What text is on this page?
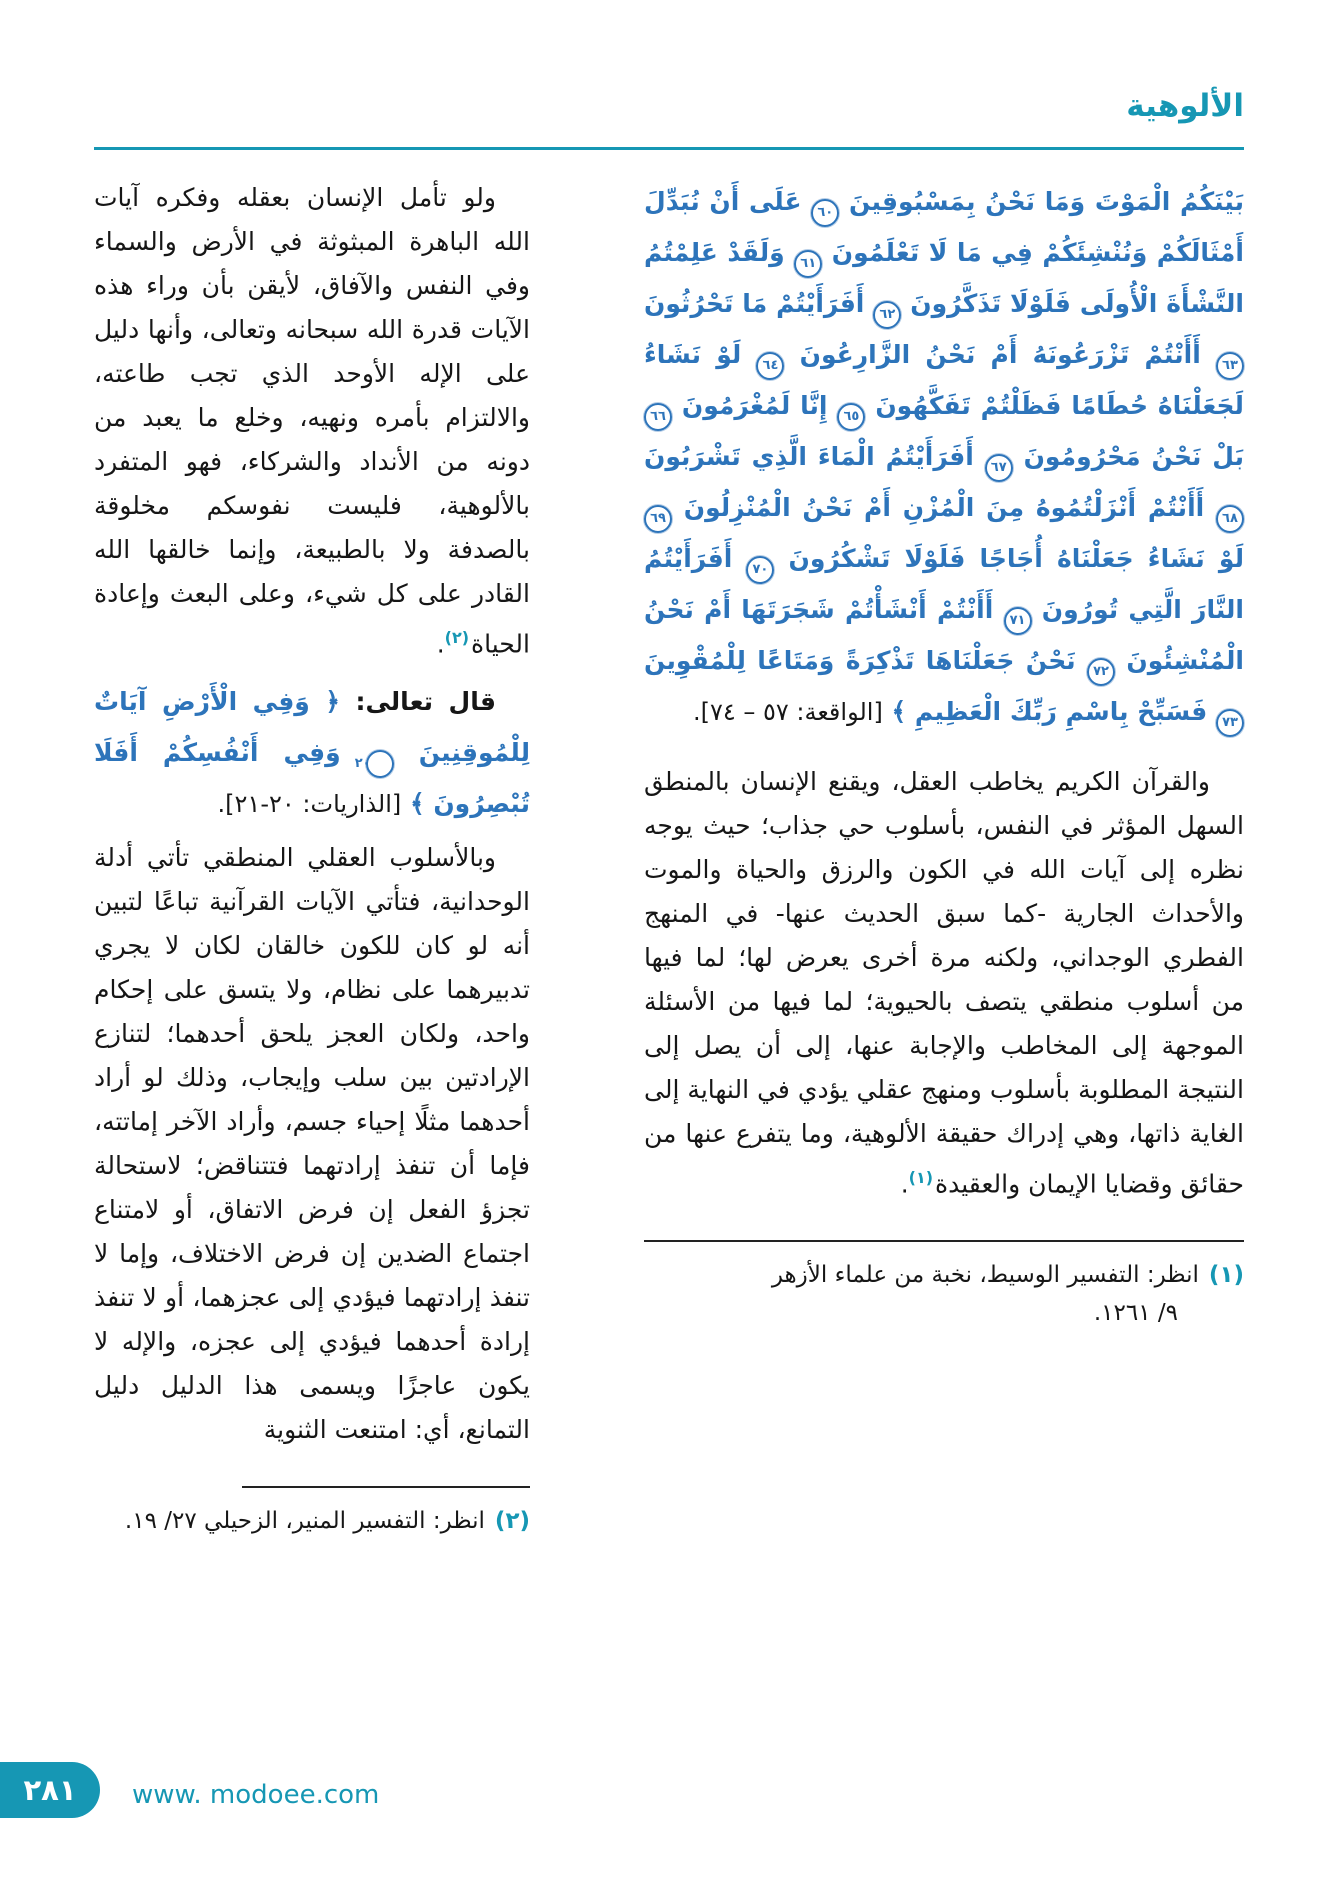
الألوهية
بَيْنَكُمُ الْمَوْتَ وَمَا نَحْنُ بِمَسْبُوقِينَ ٦٠ عَلَى أَنْ نُبَدِّلَ أَمْثَالَكُمْ وَنُنْشِئَكُمْ فِي مَا لَا تَعْلَمُونَ ٦١ وَلَقَدْ عَلِمْتُمُ النَّشْأَةَ الْأُولَى فَلَوْلَا تَذَكَّرُونَ ٦٢ أَفَرَأَيْتُمْ مَا تَحْرُثُونَ ٦٣ أَأَنْتُمْ تَزْرَعُونَهُ أَمْ نَحْنُ الزَّارِعُونَ ٦٤ لَوْ نَشَاءُ لَجَعَلْنَاهُ حُطَامًا فَظَلْتُمْ تَفَكَّهُونَ ٦٥ إِنَّا لَمُغْرَمُونَ ٦٦ بَلْ نَحْنُ مَحْرُومُونَ ٦٧ أَفَرَأَيْتُمُ الْمَاءَ الَّذِي تَشْرَبُونَ ٦٨ أَأَنْتُمْ أَنْزَلْتُمُوهُ مِنَ الْمُزْنِ أَمْ نَحْنُ الْمُنْزِلُونَ ٦٩ لَوْ نَشَاءُ جَعَلْنَاهُ أُجَاجًا فَلَوْلَا تَشْكُرُونَ ٧٠ أَفَرَأَيْتُمُ النَّارَ الَّتِي تُورُونَ ٧١ أَأَنْتُمْ أَنْشَأْتُمْ شَجَرَتَهَا أَمْ نَحْنُ الْمُنْشِئُونَ ٧٢ نَحْنُ جَعَلْنَاهَا تَذْكِرَةً وَمَتَاعًا لِلْمُقْوِينَ ٧٣ فَسَبِّحْ بِاسْمِ رَبِّكَ الْعَظِيمِ ﴾ [الواقعة: ٥٧ – ٧٤].

والقرآن الكريم يخاطب العقل، ويقنع الإنسان بالمنطق السهل المؤثر في النفس، بأسلوب حي جذاب؛ حيث يوجه نظره إلى آيات الله في الكون والرزق والحياة والموت والأحداث الجارية -كما سبق الحديث عنها- في المنهج الفطري الوجداني، ولكنه مرة أخرى يعرض لها؛ لما فيها من أسلوب منطقي يتصف بالحيوية؛ لما فيها من الأسئلة الموجهة إلى المخاطب والإجابة عنها، إلى أن يصل إلى النتيجة المطلوبة بأسلوب ومنهج عقلي يؤدي في النهاية إلى الغاية ذاتها، وهي إدراك حقيقة الألوهية، وما يتفرع عنها من حقائق وقضايا الإيمان والعقيدة$^{(١)}$.

(١)انظر: التفسير الوسيط، نخبة من علماء الأزهر
٩/ ١٢٦١.

ولو تأمل الإنسان بعقله وفكره آيات الله الباهرة المبثوثة في الأرض والسماء وفي النفس والآفاق، لأيقن بأن وراء هذه الآيات قدرة الله سبحانه وتعالى، وأنها دليل على الإله الأوحد الذي تجب طاعته، والالتزام بأمره ونهيه، وخلع ما يعبد من دونه من الأنداد والشركاء، فهو المتفرد بالألوهية، فليست نفوسكم مخلوقة بالصدفة ولا بالطبيعة، وإنما خالقها الله القادر على كل شيء، وعلى البعث وإعادة الحياة$^{(٢)}$.

قال تعالى: ﴿ وَفِي الْأَرْضِ آيَاتٌ لِلْمُوقِنِينَ ٢٠ وَفِي أَنْفُسِكُمْ أَفَلَا تُبْصِرُونَ ﴾ [الذاريات: ٢٠-٢١].

وبالأسلوب العقلي المنطقي تأتي أدلة الوحدانية، فتأتي الآيات القرآنية تباعًا لتبين أنه لو كان للكون خالقان لكان لا يجري تدبيرهما على نظام، ولا يتسق على إحكام واحد، ولكان العجز يلحق أحدهما؛ لتنازع الإرادتين بين سلب وإيجاب، وذلك لو أراد أحدهما مثلًا إحياء جسم، وأراد الآخر إماتته، فإما أن تنفذ إرادتهما فتتناقض؛ لاستحالة تجزؤ الفعل إن فرض الاتفاق، أو لامتناع اجتماع الضدين إن فرض الاختلاف، وإما لا تنفذ إرادتهما فيؤدي إلى عجزهما، أو لا تنفذ إرادة أحدهما فيؤدي إلى عجزه، والإله لا يكون عاجزًا ويسمى هذا الدليل دليل التمانع، أي: امتنعت الثنوية

(٢)انظر: التفسير المنير، الزحيلي ٢٧/ ١٩.

٢٨١ www. modoee.com
